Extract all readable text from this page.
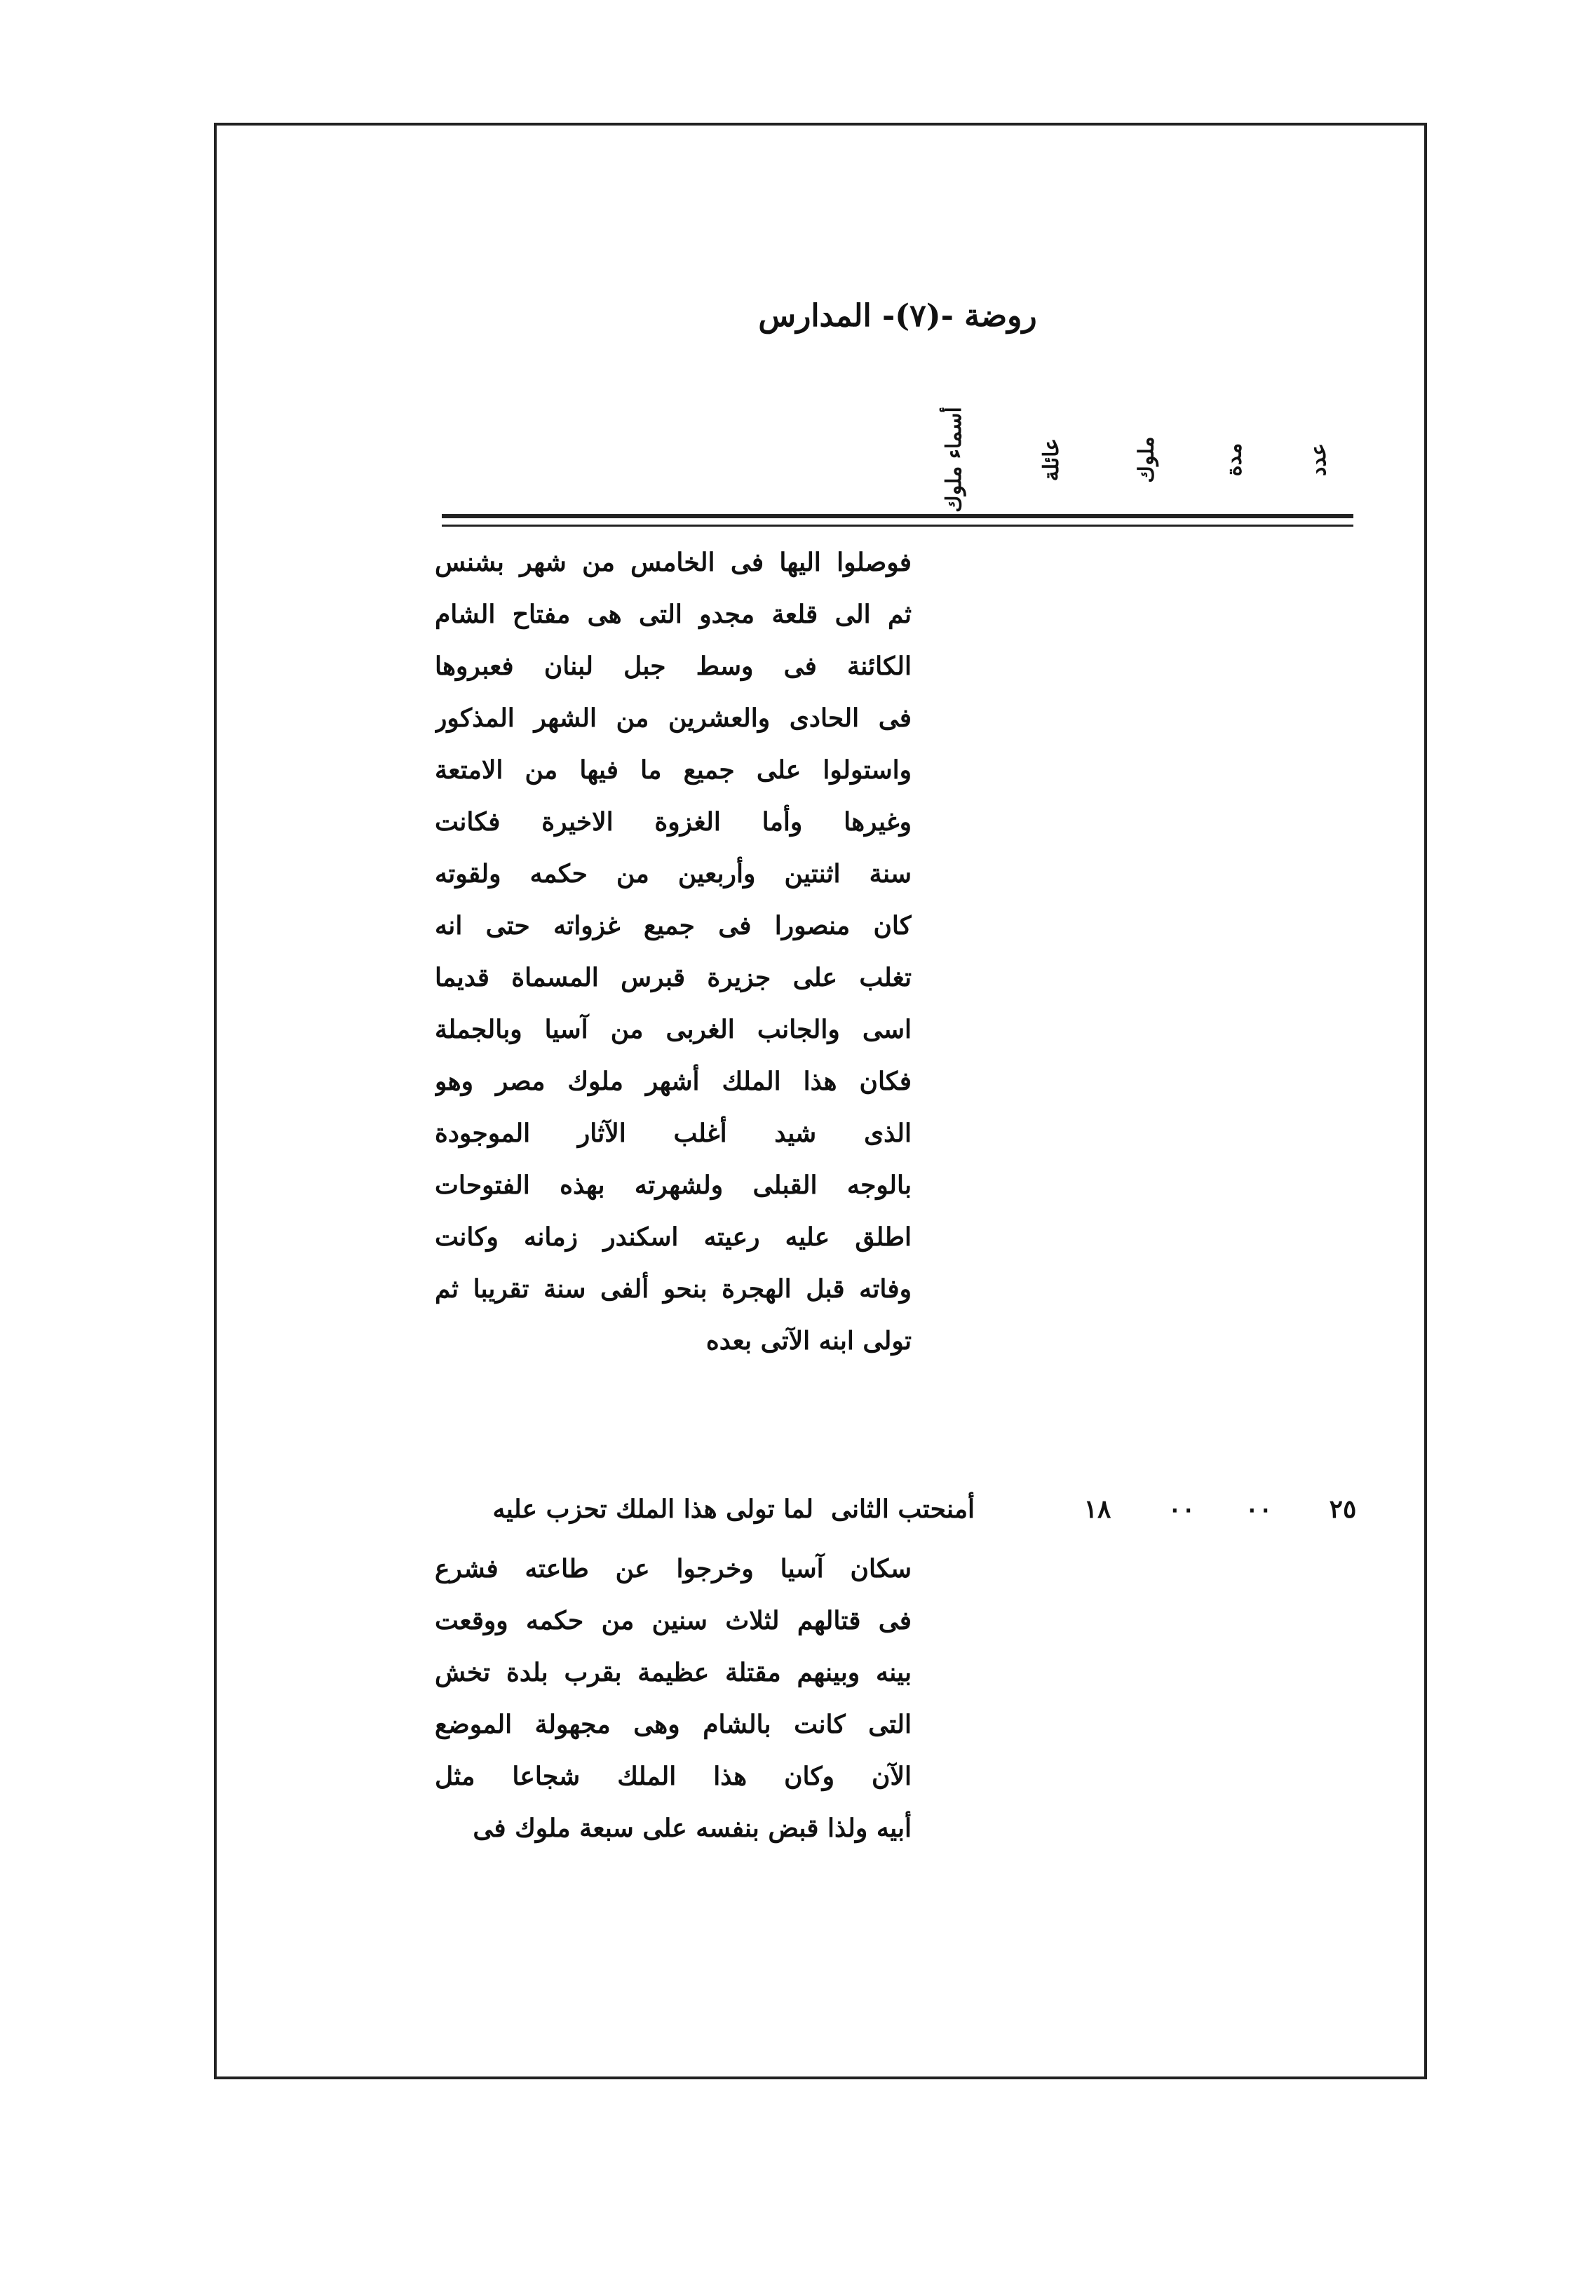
روضة -(٧)- المدارس
عدد
مدة
ملوك
عائلة
أسماء ملوك
فوصلوا اليها فى الخامس من شهر بشنس
ثم الى قلعة مجدو التى هى مفتاح الشام
الكائنة فى وسط جبل لبنان فعبروها
فى الحادى والعشرين من الشهر المذكور
واستولوا على جميع ما فيها من الامتعة
وغيرها وأما الغزوة الاخيرة فكانت
سنة اثنتين وأربعين من حكمه ولقوته
كان منصورا فى جميع غزواته حتى انه
تغلب على جزيرة قبرس المسماة قديما
اسى والجانب الغربى من آسيا وبالجملة
فكان هذا الملك أشهر ملوك مصر وهو
الذى شيد أغلب الآثار الموجودة
بالوجه القبلى ولشهرته بهذه الفتوحات
اطلق عليه رعيته اسكندر زمانه وكانت
وفاته قبل الهجرة بنحو ألفى سنة تقريبا ثم
تولى ابنه الآتى بعده
٢٥
٠٠
٠٠
١٨
أمنحتب الثانى
لما تولى هذا الملك تحزب عليه
سكان آسيا وخرجوا عن طاعته فشرع
فى قتالهم لثلاث سنين من حكمه ووقعت
بينه وبينهم مقتلة عظيمة بقرب بلدة تخش
التى كانت بالشام وهى مجهولة الموضع
الآن وكان هذا الملك شجاعا مثل
أبيه ولذا قبض بنفسه على سبعة ملوك فى
